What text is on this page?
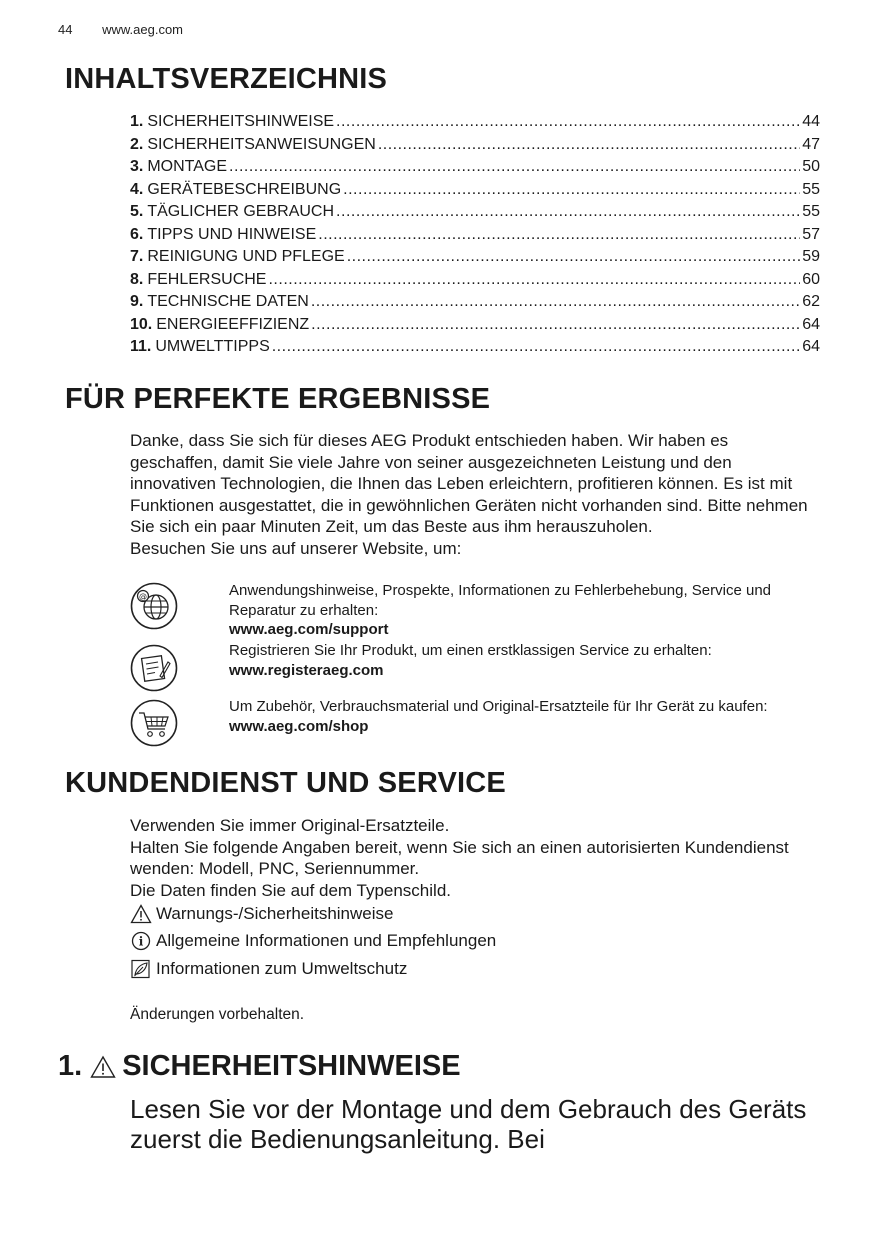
44 www.aeg.com
INHALTSVERZEICHNIS
1. SICHERHEITSHINWEISE .....	44
2. SICHERHEITSANWEISUNGEN .....	47
3. MONTAGE .....	50
4. GERÄTEBESCHREIBUNG .....	55
5. TÄGLICHER GEBRAUCH .....	55
6. TIPPS UND HINWEISE .....	57
7. REINIGUNG UND PFLEGE .....	59
8. FEHLERSUCHE .....	60
9. TECHNISCHE DATEN .....	62
10. ENERGIEEFFIZIENZ .....	64
11. UMWELTTIPPS .....	64
FÜR PERFEKTE ERGEBNISSE
Danke, dass Sie sich für dieses AEG Produkt entschieden haben. Wir haben es geschaffen, damit Sie viele Jahre von seiner ausgezeichneten Leistung und den innovativen Technologien, die Ihnen das Leben erleichtern, profitieren können. Es ist mit Funktionen ausgestattet, die in gewöhnlichen Geräten nicht vorhanden sind. Bitte nehmen Sie sich ein paar Minuten Zeit, um das Beste aus ihm herauszuholen.
Besuchen Sie uns auf unserer Website, um:
@	Anwendungshinweise, Prospekte, Informationen zu Fehlerbehebung, Service und Reparatur zu erhalten:
www.aeg.com/support
Registrieren Sie Ihr Produkt, um einen erstklassigen Service zu erhalten:
www.registeraeg.com
Um Zubehör, Verbrauchsmaterial und Original-Ersatzteile für Ihr Gerät zu kaufen:
www.aeg.com/shop
KUNDENDIENST UND SERVICE
Verwenden Sie immer Original-Ersatzteile.
Halten Sie folgende Angaben bereit, wenn Sie sich an einen autorisierten Kundendienst wenden: Modell, PNC, Seriennummer.
Die Daten finden Sie auf dem Typenschild.
Warnungs-/Sicherheitshinweise
i Allgemeine Informationen und Empfehlungen
Informationen zum Umweltschutz
Änderungen vorbehalten.
1. SICHERHEITSHINWEISE
Lesen Sie vor der Montage und dem Gebrauch des Geräts zuerst die Bedienungsanleitung. Bei
